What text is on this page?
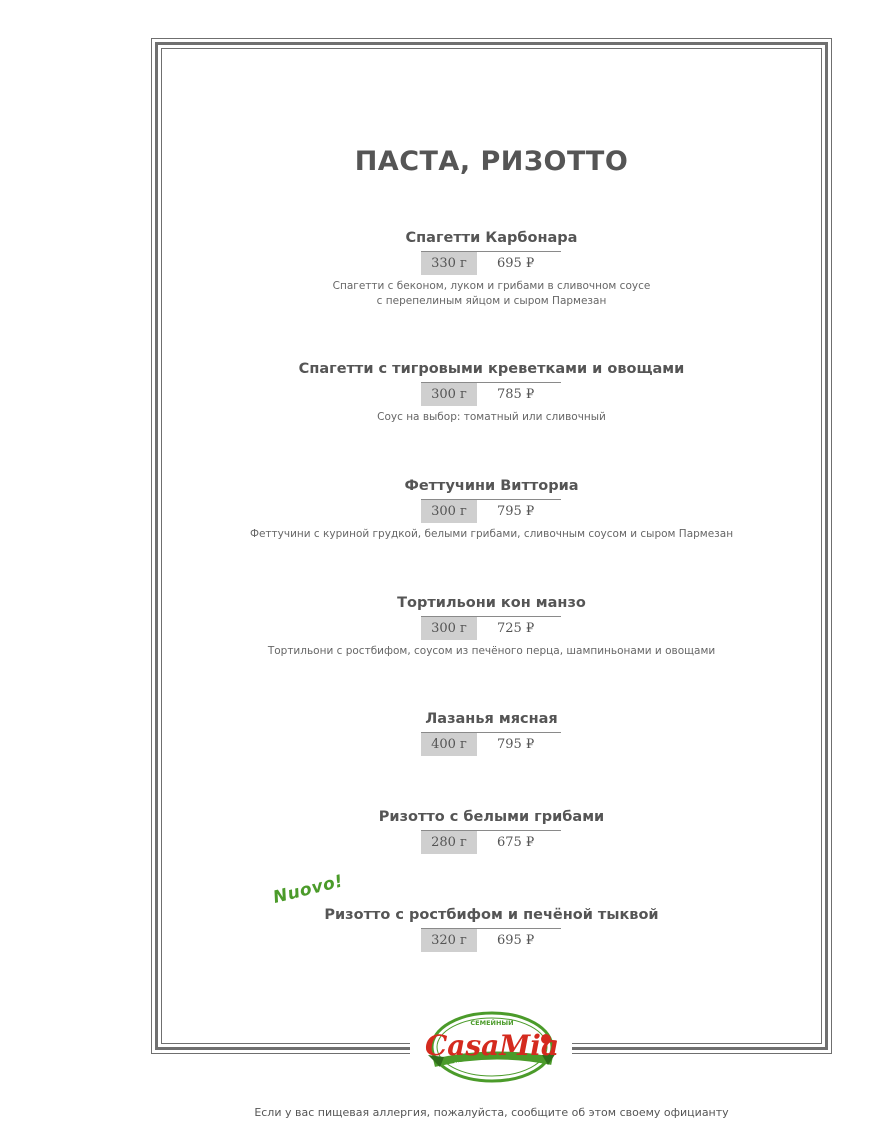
ПАСТА, РИЗОТТО
Спагетти Карбонара
330 г	695 ₽
Спагетти с беконом, луком и грибами в сливочном соусе
с перепелиным яйцом и сыром Пармезан
Спагетти с тигровыми креветками и овощами
300 г	785 ₽
Соус на выбор: томатный или сливочный
Феттучини Витториа
300 г	795 ₽
Феттучини с куриной грудкой, белыми грибами, сливочным соусом и сыром Пармезан
Тортильони кон манзо
300 г	725 ₽
Тортильони с ростбифом, соусом из печёного перца, шампиньонами и овощами
Лазанья мясная
400 г	795 ₽
Ризотто с белыми грибами
280 г	675 ₽
Ризотто с ростбифом и печёной тыквой
320 г	695 ₽
Nuovo!
СЕМЕЙНЫЙ
CasaMia
ИТАЛЬЯНСКИЙ РЕСТОРАН
Если у вас пищевая аллергия, пожалуйста, сообщите об этом своему официанту
